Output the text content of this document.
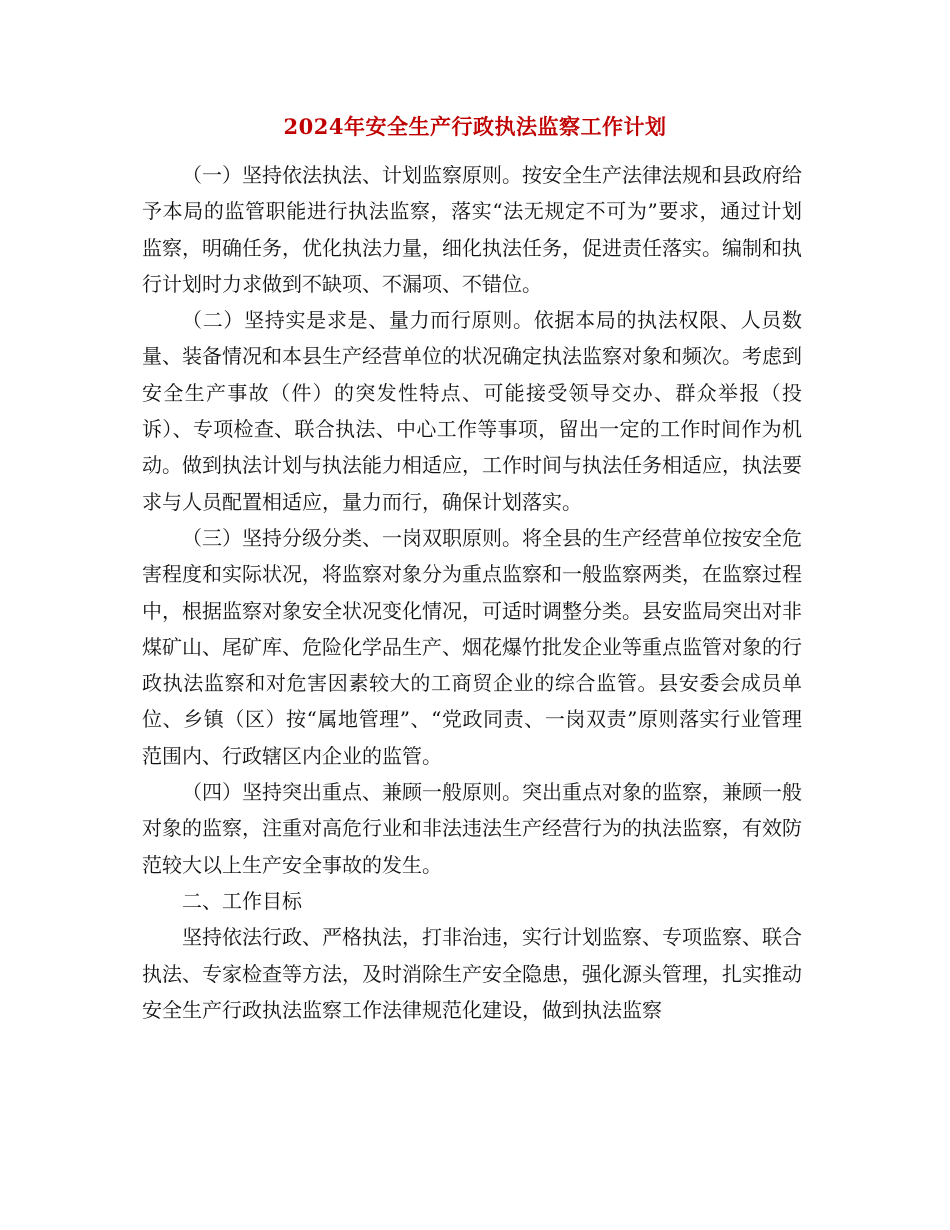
2024年安全生产行政执法监察工作计划

（一）坚持依法执法、计划监察原则。按安全生产法律法规和县政府给予本局的监管职能进行执法监察，落实“法无规定不可为”要求，通过计划监察，明确任务，优化执法力量，细化执法任务，促进责任落实。编制和执行计划时力求做到不缺项、不漏项、不错位。

（二）坚持实是求是、量力而行原则。依据本局的执法权限、人员数量、装备情况和本县生产经营单位的状况确定执法监察对象和频次。考虑到安全生产事故（件）的突发性特点、可能接受领导交办、群众举报（投诉）、专项检查、联合执法、中心工作等事项，留出一定的工作时间作为机动。做到执法计划与执法能力相适应，工作时间与执法任务相适应，执法要求与人员配置相适应，量力而行，确保计划落实。

（三）坚持分级分类、一岗双职原则。将全县的生产经营单位按安全危害程度和实际状况，将监察对象分为重点监察和一般监察两类，在监察过程中，根据监察对象安全状况变化情况，可适时调整分类。县安监局突出对非煤矿山、尾矿库、危险化学品生产、烟花爆竹批发企业等重点监管对象的行政执法监察和对危害因素较大的工商贸企业的综合监管。县安委会成员单位、乡镇（区）按“属地管理”、“党政同责、一岗双责”原则落实行业管理范围内、行政辖区内企业的监管。

（四）坚持突出重点、兼顾一般原则。突出重点对象的监察，兼顾一般对象的监察，注重对高危行业和非法违法生产经营行为的执法监察，有效防范较大以上生产安全事故的发生。

二、工作目标

坚持依法行政、严格执法，打非治违，实行计划监察、专项监察、联合执法、专家检查等方法，及时消除生产安全隐患，强化源头管理，扎实推动安全生产行政执法监察工作法律规范化建设，做到执法监察
